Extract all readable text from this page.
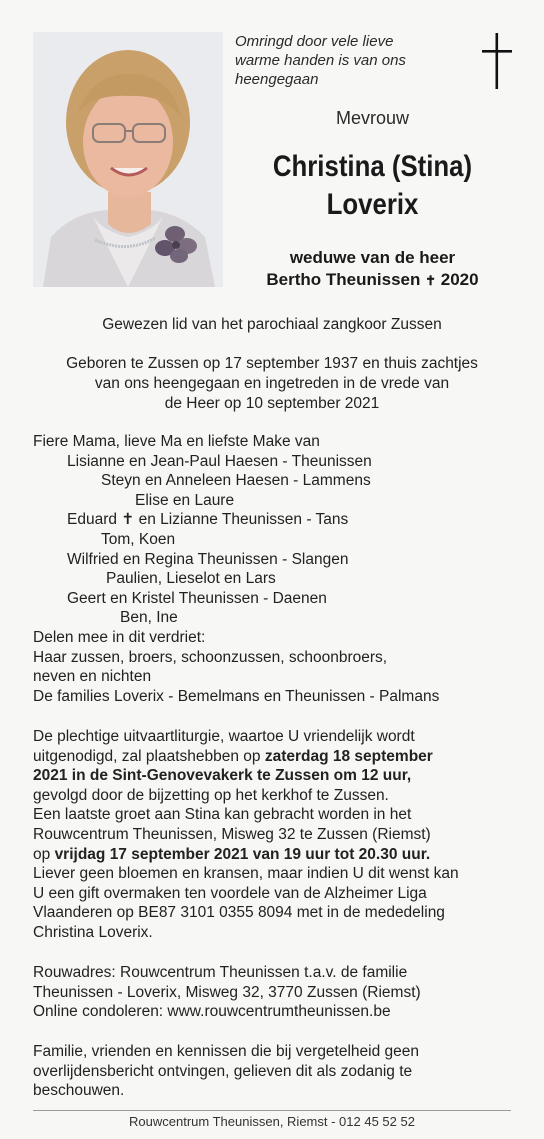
Omringd door vele lieve
warme handen is van ons
heengegaan
Mevrouw
Christina (Stina)
Loverix
weduwe van de heer
Bertho Theunissen ✝ 2020
Gewezen lid van het parochiaal zangkoor Zussen
Geboren te Zussen op 17 september 1937 en thuis zachtjes
van ons heengegaan en ingetreden in de vrede van
de Heer op 10 september 2021
Fiere Mama, lieve Ma en liefste Make van
Lisianne en Jean-Paul Haesen - Theunissen
Steyn en Anneleen Haesen - Lammens
Elise en Laure
Eduard ✝ en Lizianne Theunissen - Tans
Tom, Koen
Wilfried en Regina Theunissen - Slangen
Paulien, Lieselot en Lars
Geert en Kristel Theunissen - Daenen
Ben, Ine
Delen mee in dit verdriet:
Haar zussen, broers, schoonzussen, schoonbroers,
neven en nichten
De families Loverix - Bemelmans en Theunissen - Palmans
De plechtige uitvaartliturgie, waartoe U vriendelijk wordt
uitgenodigd, zal plaatshebben op zaterdag 18 september
2021 in de Sint-Genovevakerk te Zussen om 12 uur,
gevolgd door de bijzetting op het kerkhof te Zussen.
Een laatste groet aan Stina kan gebracht worden in het
Rouwcentrum Theunissen, Misweg 32 te Zussen (Riemst)
op vrijdag 17 september 2021 van 19 uur tot 20.30 uur.
Liever geen bloemen en kransen, maar indien U dit wenst kan
U een gift overmaken ten voordele van de Alzheimer Liga
Vlaanderen op BE87 3101 0355 8094 met in de mededeling
Christina Loverix.
Rouwadres: Rouwcentrum Theunissen t.a.v. de familie
Theunissen - Loverix, Misweg 32, 3770 Zussen (Riemst)
Online condoleren: www.rouwcentrumtheunissen.be
Familie, vrienden en kennissen die bij vergetelheid geen
overlijdensbericht ontvingen, gelieven dit als zodanig te
beschouwen.
Rouwcentrum Theunissen, Riemst - 012 45 52 52
